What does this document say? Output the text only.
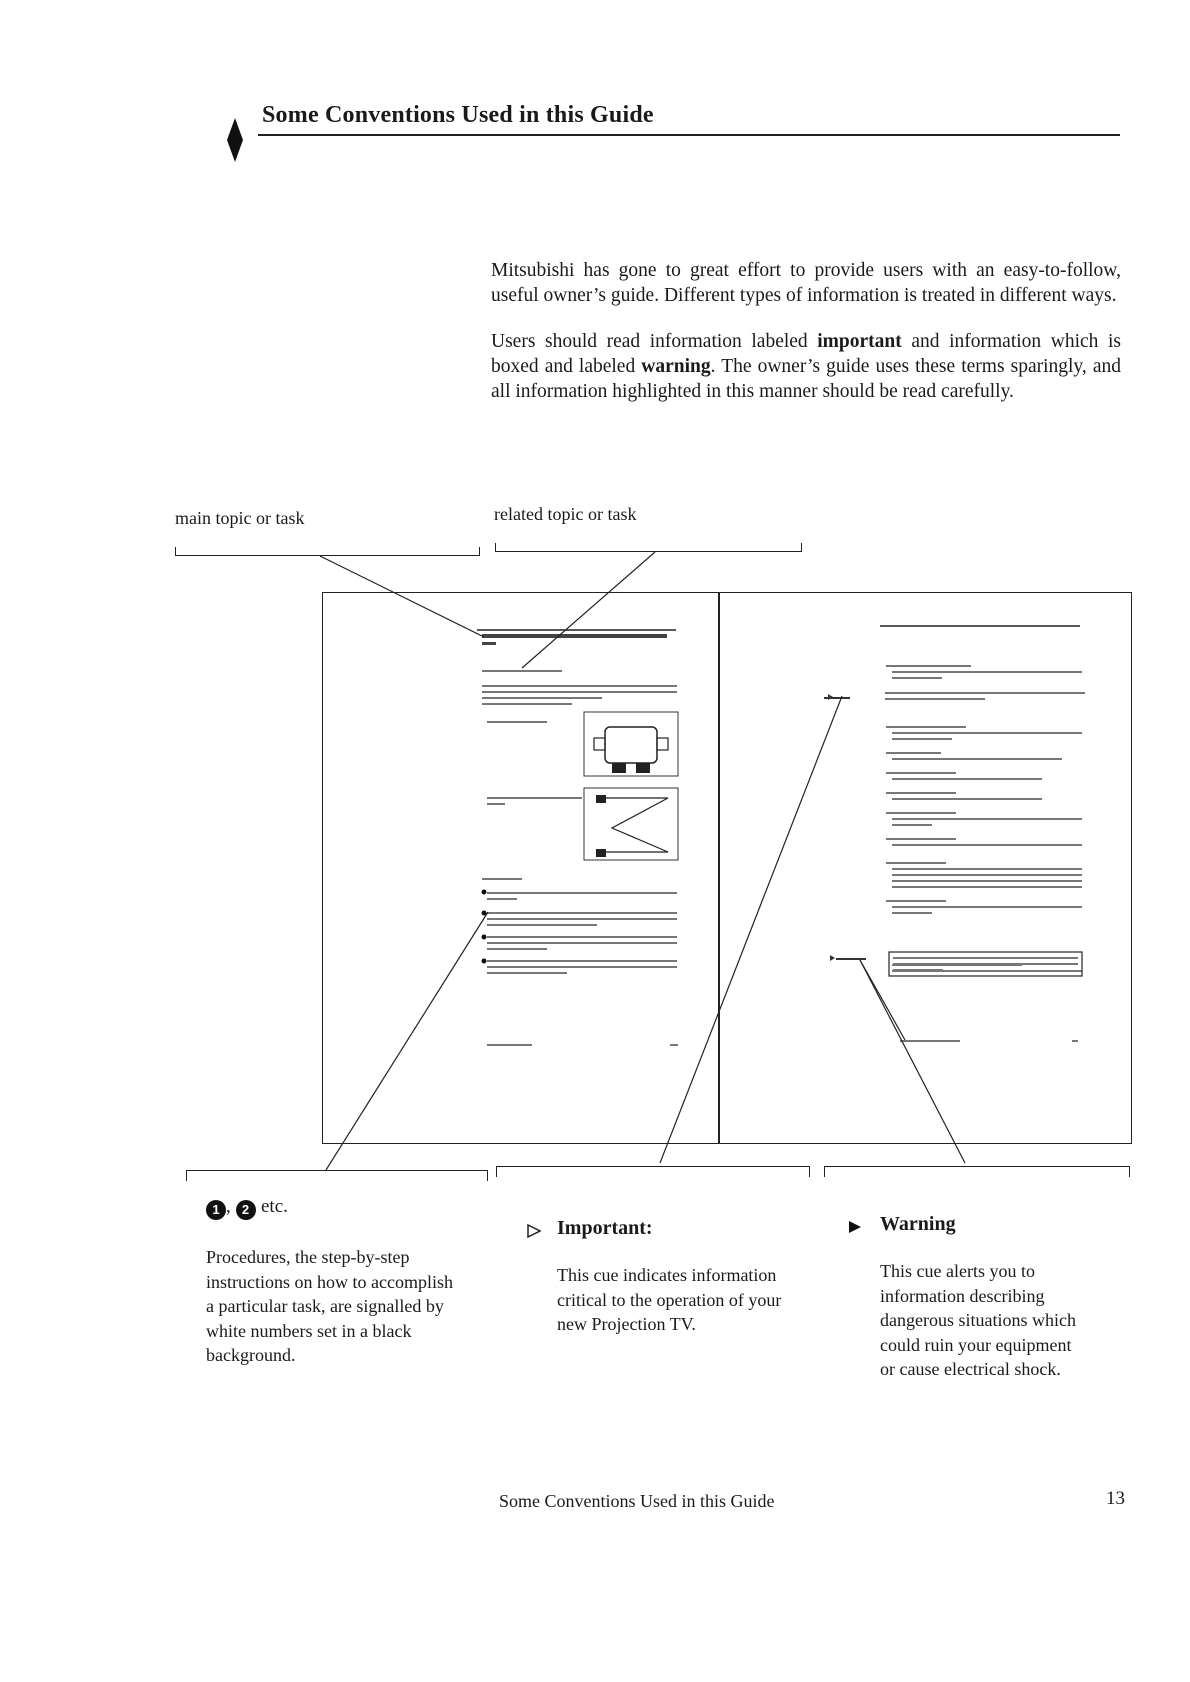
Some Conventions Used in this Guide

Mitsubishi has gone to great effort to provide users with an easy-to-follow, useful owner’s guide. Different types of information is treated in different ways.

Users should read information labeled important and information which is boxed and labeled warning. The owner’s guide uses these terms sparingly, and all information highlighted in this manner should be read carefully.

main topic or task	related topic or task
1 , 2 , etc.
Procedures, the step-by-step instructions on how to accomplish a particular task, are signalled by white numbers set in a black background.
Important:
This cue indicates information critical to the operation of your new Projection TV.
Warning
This cue alerts you to information describing dangerous situations which could ruin your equipment or cause electrical shock.
Some Conventions Used in this Guide	13
